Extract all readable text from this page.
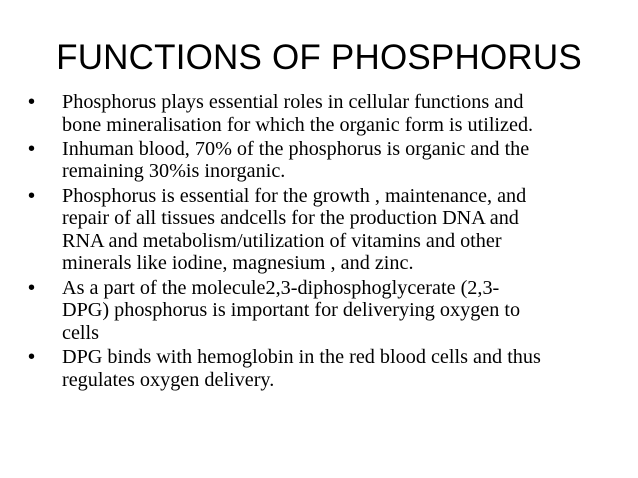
FUNCTIONS OF PHOSPHORUS
• Phosphorus plays essential roles in cellular functions and
bone mineralisation for which the organic form is utilized.
• Inhuman blood, 70% of the phosphorus is organic and the
remaining 30%is inorganic.
• Phosphorus is essential for the growth , maintenance, and
repair of all tissues andcells for the production DNA and
RNA and metabolism/utilization of vitamins and other
minerals like iodine, magnesium , and zinc.
• As a part of the molecule2,3-diphosphoglycerate (2,3-
DPG) phosphorus is important for deliverying oxygen to
cells
• DPG binds with hemoglobin in the red blood cells and thus
regulates oxygen delivery.
